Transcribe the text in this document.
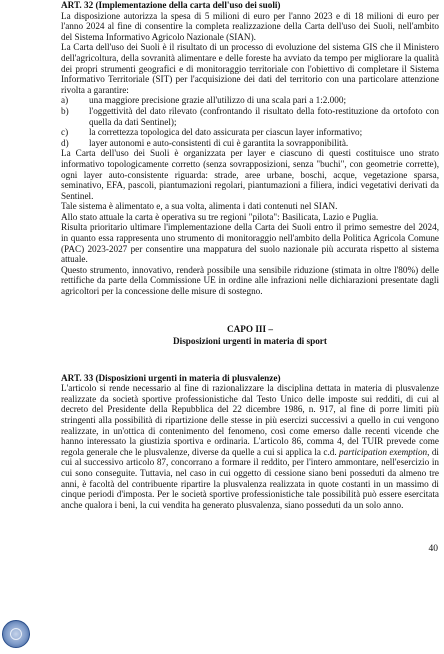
ART. 32 (Implementazione della carta dell'uso dei suoli)

La disposizione autorizza la spesa di 5 milioni di euro per l'anno 2023 e di 18 milioni di euro per l'anno 2024 al fine di consentire la completa realizzazione della Carta dell'uso dei Suoli, nell'ambito del Sistema Informativo Agricolo Nazionale (SIAN).

La Carta dell'uso dei Suoli è il risultato di un processo di evoluzione del sistema GIS che il Ministero dell'agricoltura, della sovranità alimentare e delle foreste ha avviato da tempo per migliorare la qualità dei propri strumenti geografici e di monitoraggio territoriale con l'obiettivo di completare il Sistema Informativo Territoriale (SIT) per l'acquisizione dei dati del territorio con una particolare attenzione rivolta a garantire:

a)	una maggiore precisione grazie all'utilizzo di una scala pari a 1:2.000;
b)	l'oggettività del dato rilevato (confrontando il risultato della foto-restituzione da ortofoto con quella da dati Sentinel);
c)	la correttezza topologica del dato assicurata per ciascun layer informativo;
d)	layer autonomi e auto-consistenti di cui è garantita la sovrapponibilità.

La Carta dell'uso dei Suoli è organizzata per layer e ciascuno di questi costituisce uno strato informativo topologicamente corretto (senza sovrapposizioni, senza "buchi", con geometrie corrette), ogni layer auto-consistente riguarda: strade, aree urbane, boschi, acque, vegetazione sparsa, seminativo, EFA, pascoli, piantumazioni regolari, piantumazioni a filiera, indici vegetativi derivati da Sentinel.

Tale sistema è alimentato e, a sua volta, alimenta i dati contenuti nel SIAN.

Allo stato attuale la carta è operativa su tre regioni "pilota": Basilicata, Lazio e Puglia.

Risulta prioritario ultimare l'implementazione della Carta dei Suoli entro il primo semestre del 2024, in quanto essa rappresenta uno strumento di monitoraggio nell'ambito della Politica Agricola Comune (PAC) 2023-2027 per consentire una mappatura del suolo nazionale più accurata rispetto al sistema attuale.

Questo strumento, innovativo, renderà possibile una sensibile riduzione (stimata in oltre l'80%) delle rettifiche da parte della Commissione UE in ordine alle infrazioni nelle dichiarazioni presentate dagli agricoltori per la concessione delle misure di sostegno.

CAPO III –
Disposizioni urgenti in materia di sport

ART. 33 (Disposizioni urgenti in materia di plusvalenze)

L'articolo si rende necessario al fine di razionalizzare la disciplina dettata in materia di plusvalenze realizzate da società sportive professionistiche dal Testo Unico delle imposte sui redditi, di cui al decreto del Presidente della Repubblica del 22 dicembre 1986, n. 917, al fine di porre limiti più stringenti alla possibilità di ripartizione delle stesse in più esercizi successivi a quello in cui vengono realizzate, in un'ottica di contenimento del fenomeno, così come emerso dalle recenti vicende che hanno interessato la giustizia sportiva e ordinaria. L'articolo 86, comma 4, del TUIR prevede come regola generale che le plusvalenze, diverse da quelle a cui si applica la c.d. participation exemption, di cui al successivo articolo 87, concorrano a formare il reddito, per l'intero ammontare, nell'esercizio in cui sono conseguite. Tuttavia, nel caso in cui oggetto di cessione siano beni posseduti da almeno tre anni, è facoltà del contribuente ripartire la plusvalenza realizzata in quote costanti in un massimo di cinque periodi d'imposta. Per le società sportive professionistiche tale possibilità può essere esercitata anche qualora i beni, la cui vendita ha generato plusvalenza, siano posseduti da un solo anno.

40
